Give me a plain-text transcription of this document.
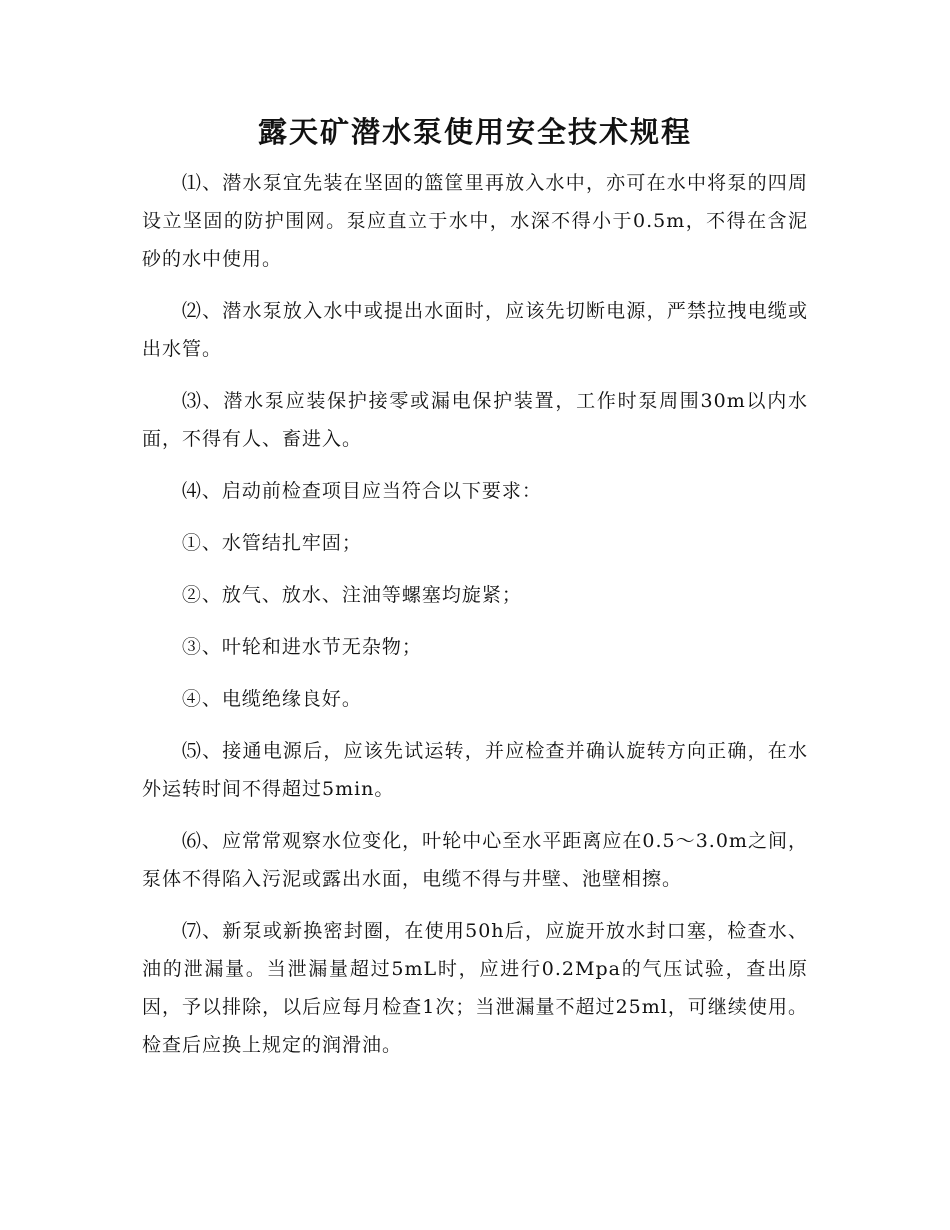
露天矿潜水泵使用安全技术规程

⑴、潜水泵宜先装在坚固的篮筐里再放入水中，亦可在水中将泵的四周设立坚固的防护围网。泵应直立于水中，水深不得小于0.5m，不得在含泥砂的水中使用。

⑵、潜水泵放入水中或提出水面时，应该先切断电源，严禁拉拽电缆或出水管。

⑶、潜水泵应装保护接零或漏电保护装置，工作时泵周围30m以内水面，不得有人、畜进入。

⑷、启动前检查项目应当符合以下要求：

①、水管结扎牢固；

②、放气、放水、注油等螺塞均旋紧；

③、叶轮和进水节无杂物；

④、电缆绝缘良好。

⑸、接通电源后，应该先试运转，并应检查并确认旋转方向正确，在水外运转时间不得超过5min。

⑹、应常常观察水位变化，叶轮中心至水平距离应在0.5～3.0m之间，泵体不得陷入污泥或露出水面，电缆不得与井壁、池壁相擦。

⑺、新泵或新换密封圈，在使用50h后，应旋开放水封口塞，检查水、油的泄漏量。当泄漏量超过5mL时，应进行0.2Mpa的气压试验，查出原因，予以排除，以后应每月检查1次；当泄漏量不超过25ml，可继续使用。检查后应换上规定的润滑油。
